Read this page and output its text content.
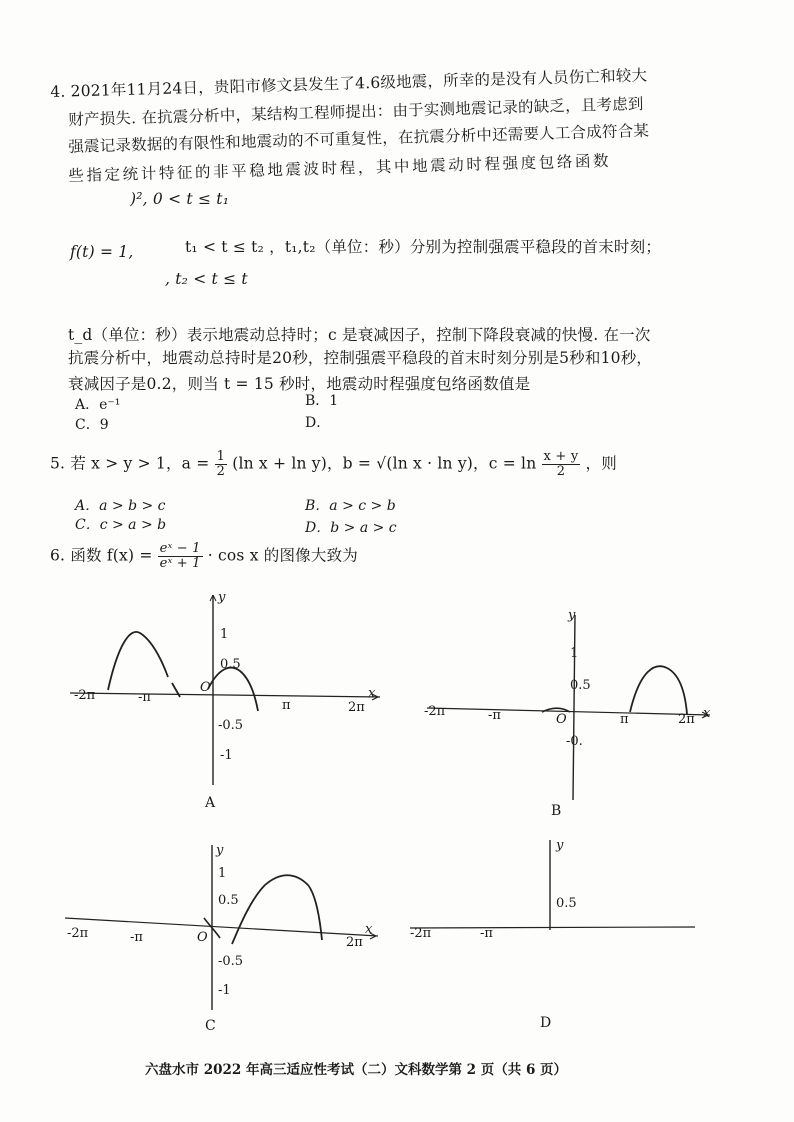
4. 2021年11月24日，贵阳市修文县发生了4.6级地震，所幸的是没有人员伤亡和较大
财产损失. 在抗震分析中，某结构工程师提出：由于实测地震记录的缺乏，且考虑到
强震记录数据的有限性和地震动的不可重复性，在抗震分析中还需要人工合成符合某
些指定统计特征的非平稳地震波时程，其中地震动时程强度包络函数
)², 0 < t ≤ t₁
f(t) = 1,	t₁ < t ≤ t₂ ，t₁,t₂（单位：秒）分别为控制强震平稳段的首末时刻；
, t₂ < t ≤ t
t_d（单位：秒）表示地震动总持时；c 是衰减因子，控制下降段衰减的快慢. 在一次
抗震分析中，地震动总持时是20秒，控制强震平稳段的首末时刻分别是5秒和10秒，
衰减因子是0.2，则当 t = 15 秒时，地震动时程强度包络函数值是
A．e⁻¹	B．1
C．9	D．
5. 若 x > y > 1，$a = \frac{1}{2} (\ln$ x + ln y)，b = √(ln x · ln y)，$c = \ln \frac{x + y}{2}$ ，则
A．a > b > c	B．a > c > b
C．c > a > b	D．b > a > c
6. 函数 $f(x) = \frac{\text{eˣ − 1}}{\text{eˣ + 1}} \cdot \cos x$ 的图像大致为
y
x
O
1
0.5
-0.5
-1
-2π	-π
π	2π
A
x
y
O
1
0.5
-0.
-2π	-π	π	2π
B
y
x
O
1
0.5
-0.5
-1
-2π	-π	2π
C
y
0.5
-2π	-π
D
六盘水市 2022 年高三适应性考试（二）文科数学第 2 页（共 6 页）
